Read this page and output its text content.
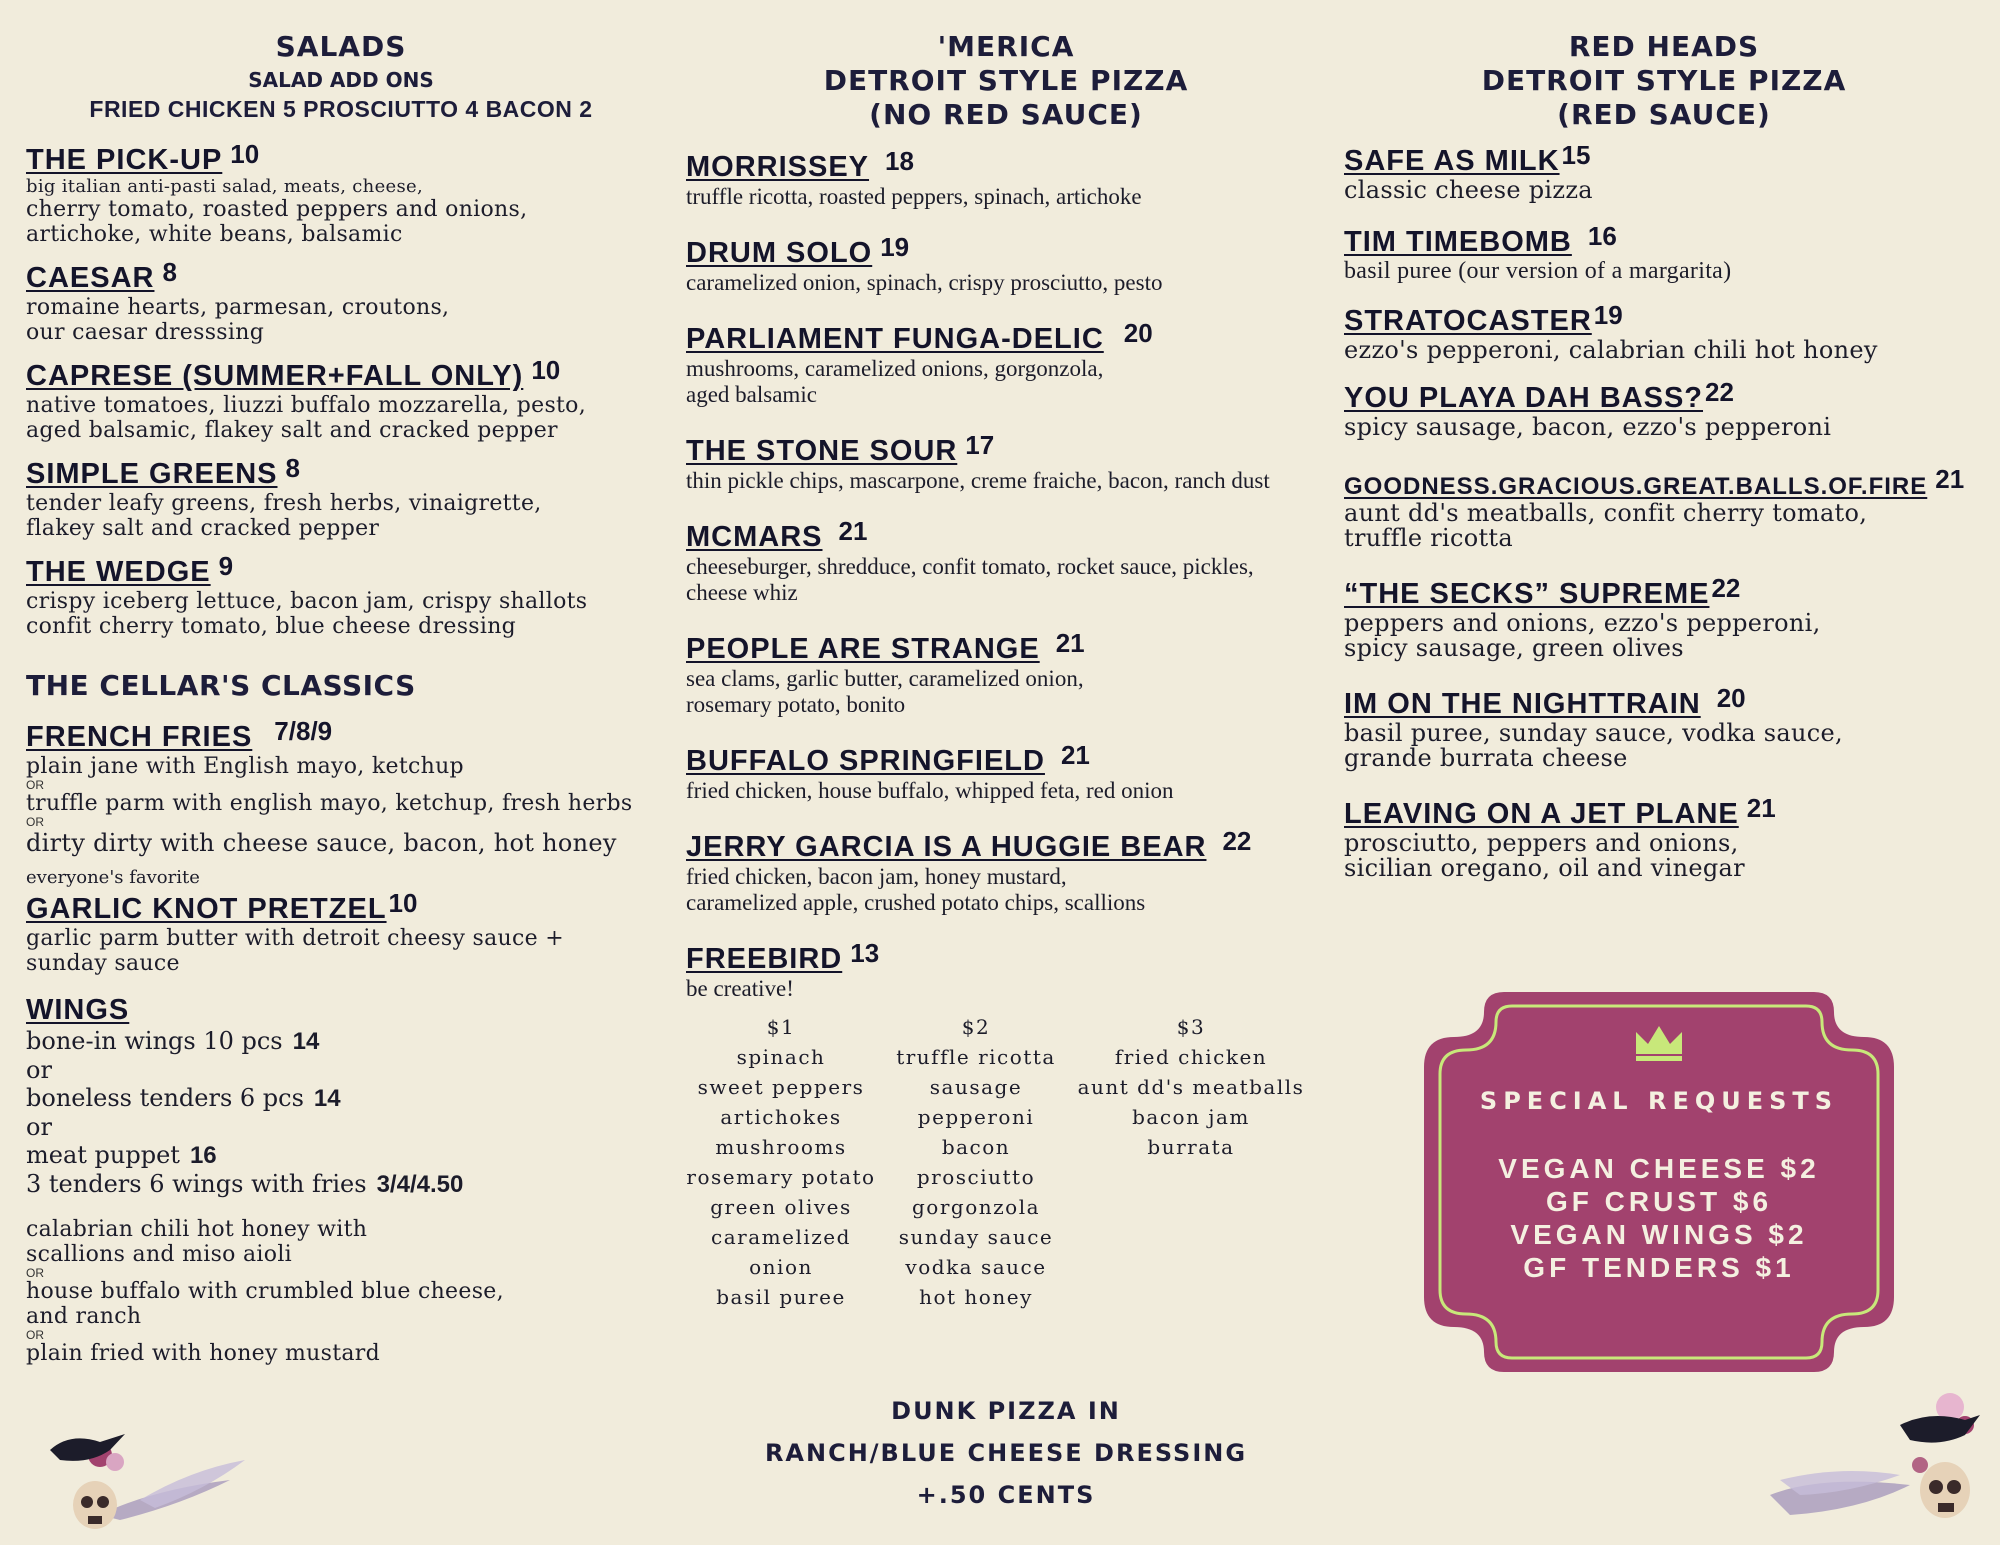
SALADS
SALAD ADD ONS
FRIED CHICKEN 5 PROSCIUTTO 4 BACON 2
THE PICK-UP 10
big italian anti-pasti salad, meats, cheese,
cherry tomato, roasted peppers and onions,
artichoke, white beans, balsamic
CAESAR 8
romaine hearts, parmesan, croutons,
our caesar dresssing
CAPRESE (SUMMER+FALL ONLY) 10
native tomatoes, liuzzi buffalo mozzarella, pesto,
aged balsamic, flakey salt and cracked pepper
SIMPLE GREENS 8
tender leafy greens, fresh herbs, vinaigrette,
flakey salt and cracked pepper
THE WEDGE 9
crispy iceberg lettuce, bacon jam, crispy shallots
confit cherry tomato, blue cheese dressing
THE CELLAR'S CLASSICS
FRENCH FRIES 7/8/9
plain jane with English mayo, ketchup
OR
truffle parm with english mayo, ketchup, fresh herbs
OR
dirty dirty with cheese sauce, bacon, hot honey
everyone's favorite
GARLIC KNOT PRETZEL10
garlic parm butter with detroit cheesy sauce +
sunday sauce
WINGS
bone-in wings 10 pcs 14
or
boneless tenders 6 pcs 14
or
meat puppet 16
3 tenders 6 wings with fries 3/4/4.50
calabrian chili hot honey with
scallions and miso aioli
OR
house buffalo with crumbled blue cheese,
and ranch
OR
plain fried with honey mustard
'MERICA
DETROIT STYLE PIZZA
(NO RED SAUCE)
MORRISSEY 18
truffle ricotta, roasted peppers, spinach, artichoke
DRUM SOLO 19
caramelized onion, spinach, crispy prosciutto, pesto
PARLIAMENT FUNGA-DELIC 20
mushrooms, caramelized onions, gorgonzola,
aged balsamic
THE STONE SOUR 17
thin pickle chips, mascarpone, creme fraiche, bacon, ranch dust
MCMARS 21
cheeseburger, shredduce, confit tomato, rocket sauce, pickles,
cheese whiz
PEOPLE ARE STRANGE 21
sea clams, garlic butter, caramelized onion,
rosemary potato, bonito
BUFFALO SPRINGFIELD 21
fried chicken, house buffalo, whipped feta, red onion
JERRY GARCIA IS A HUGGIE BEAR 22
fried chicken, bacon jam, honey mustard,
caramelized apple, crushed potato chips, scallions
FREEBIRD 13
be creative!
$1
spinach
sweet peppers
artichokes
mushrooms
rosemary potato
green olives
caramelized onion
basil puree
$2
truffle ricotta
sausage
pepperoni
bacon
prosciutto
gorgonzola
sunday sauce
vodka sauce
hot honey
$3
fried chicken
aunt dd's meatballs
bacon jam
burrata
DUNK PIZZA IN
RANCH/BLUE CHEESE DRESSING
+.50 CENTS
RED HEADS
DETROIT STYLE PIZZA
(RED SAUCE)
SAFE AS MILK15
classic cheese pizza
TIM TIMEBOMB 16
basil puree (our version of a margarita)
STRATOCASTER19
ezzo's pepperoni, calabrian chili hot honey
YOU PLAYA DAH BASS?22
spicy sausage, bacon, ezzo's pepperoni
GOODNESS.GRACIOUS.GREAT.BALLS.OF.FIRE 21
aunt dd's meatballs, confit cherry tomato,
truffle ricotta
“THE SECKS” SUPREME22
peppers and onions, ezzo's pepperoni,
spicy sausage, green olives
IM ON THE NIGHTTRAIN 20
basil puree, sunday sauce, vodka sauce,
grande burrata cheese
LEAVING ON A JET PLANE 21
prosciutto, peppers and onions,
sicilian oregano, oil and vinegar
SPECIAL REQUESTS
VEGAN CHEESE $2
GF CRUST $6
VEGAN WINGS $2
GF TENDERS $1
